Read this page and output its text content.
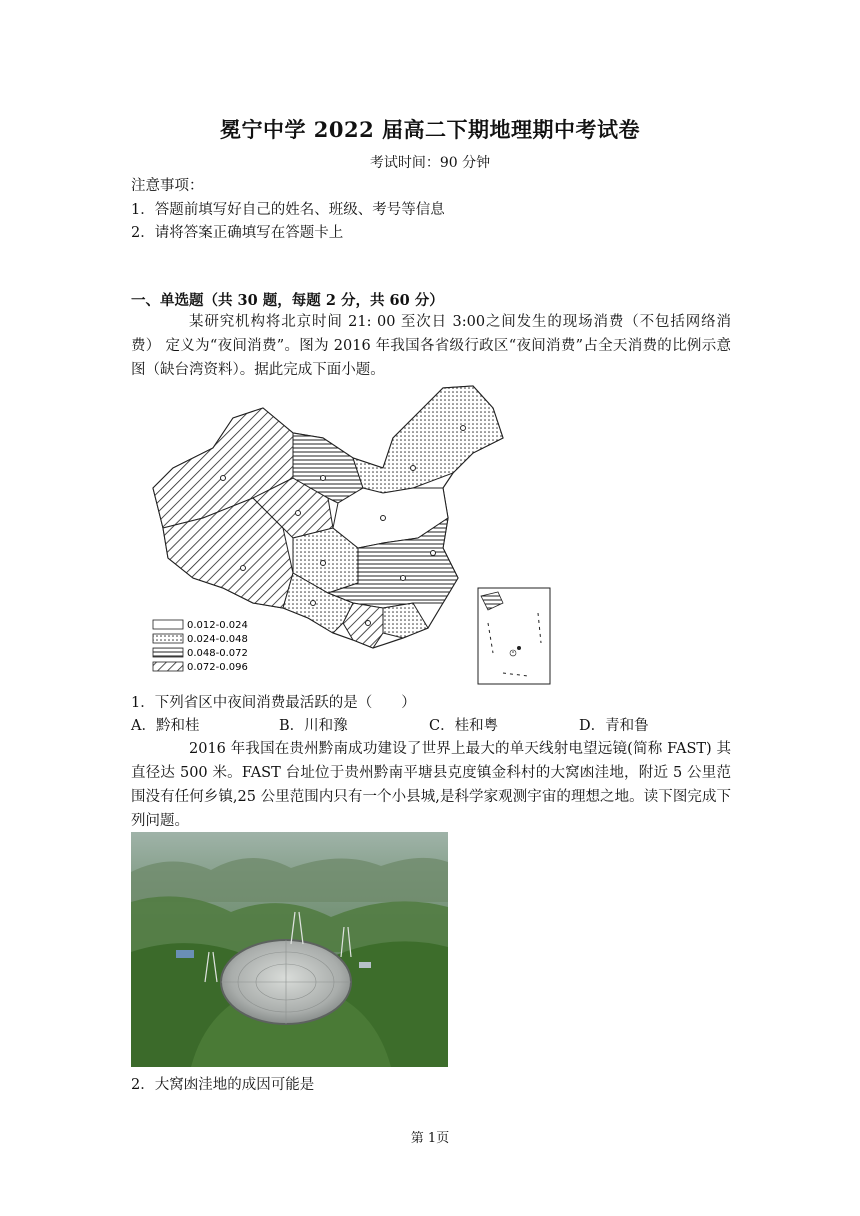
冕宁中学 2022 届高二下期地理期中考试卷
考试时间：90 分钟
注意事项：
1．答题前填写好自己的姓名、班级、考号等信息
2．请将答案正确填写在答题卡上
一、单选题（共 30 题，每题 2 分，共 60 分）
某研究机构将北京时间 21: 00 至次日 3:00之间发生的现场消费（不包括网络消费） 定义为“夜间消费”。图为 2016 年我国各省级行政区“夜间消费”占全天消费的比例示意图（缺台湾资料）。据此完成下面小题。
0.012-0.024
0.024-0.048
0.048-0.072
0.072-0.096
1．下列省区中夜间消费最活跃的是（　　）
A．黔和桂	B．川和豫	C．桂和粤	D．青和鲁
2016 年我国在贵州黔南成功建设了世界上最大的单天线射电望远镜(简称 FAST) 其直径达 500 米。FAST 台址位于贵州黔南平塘县克度镇金科村的大窝凼洼地，附近 5 公里范围没有任何乡镇,25 公里范围内只有一个小县城,是科学家观测宇宙的理想之地。读下图完成下列问题。
2．大窝凼洼地的成因可能是
第 1页
